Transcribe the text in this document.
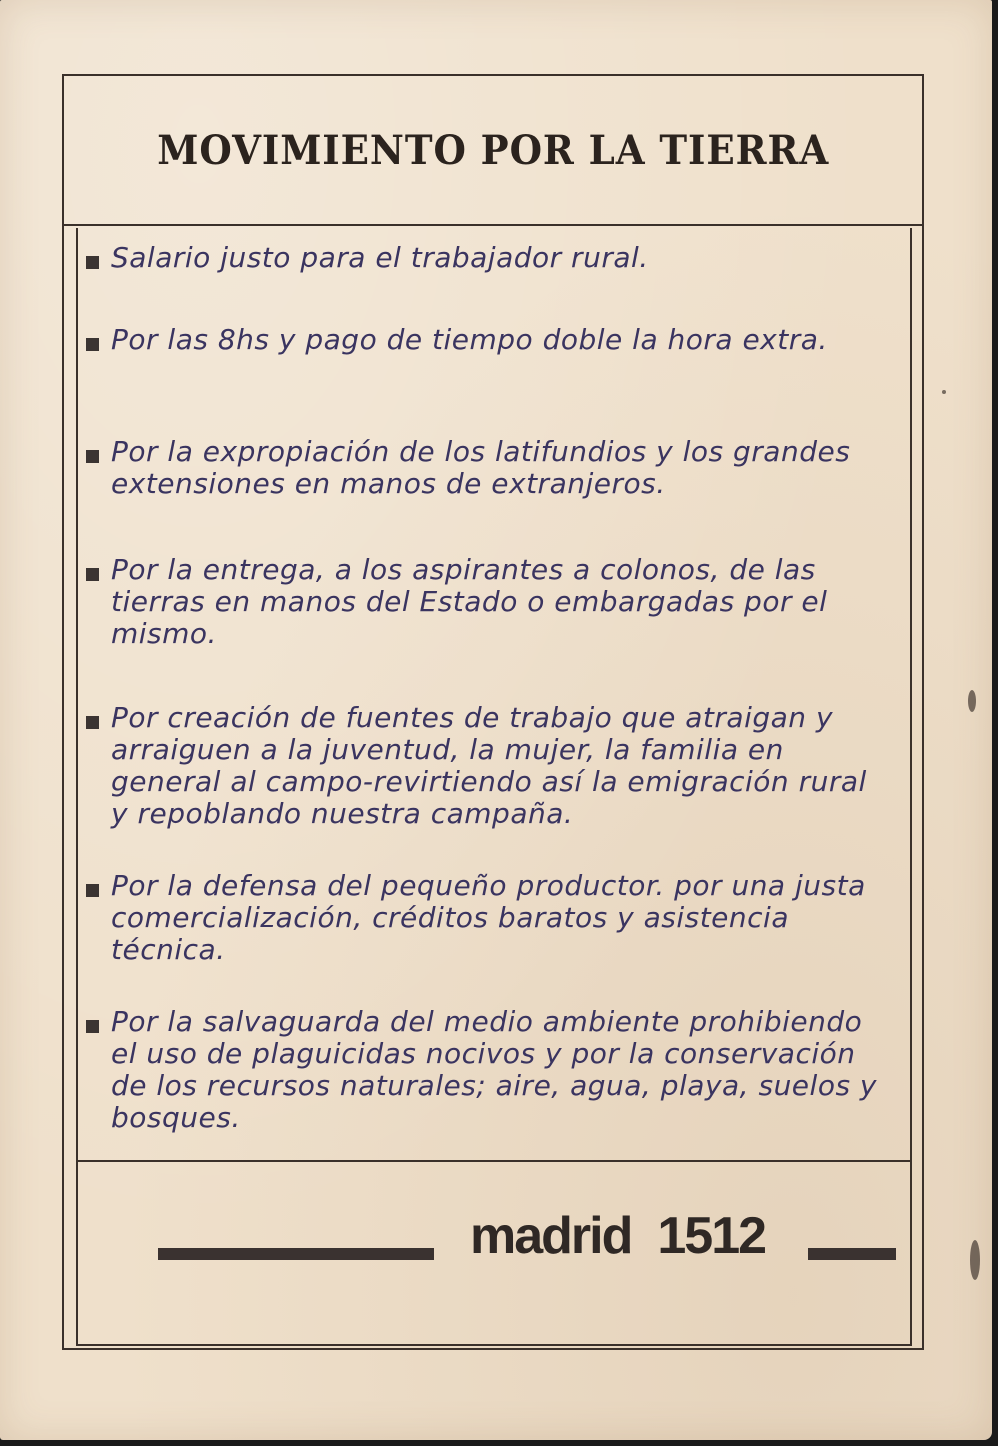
MOVIMIENTO POR LA TIERRA
Salario justo para el trabajador rural.
Por las 8hs y pago de tiempo doble la hora extra.
Por la expropiación de los latifundios y los grandes extensiones en manos de extranjeros.
Por la entrega, a los aspirantes a colonos, de las tierras en manos del Estado o embargadas por el mismo.
Por creación de fuentes de trabajo que atraigan y arraiguen a la juventud, la mujer, la familia en general al campo-revirtiendo así la emigración rural y repoblando nuestra campaña.
Por la defensa del pequeño productor. por una justa comercialización, créditos baratos y asistencia técnica.
Por la salvaguarda del medio ambiente prohibiendo el uso de plaguicidas nocivos y por la conservación de los recursos naturales; aire, agua, playa, suelos y bosques.
madrid 1512
